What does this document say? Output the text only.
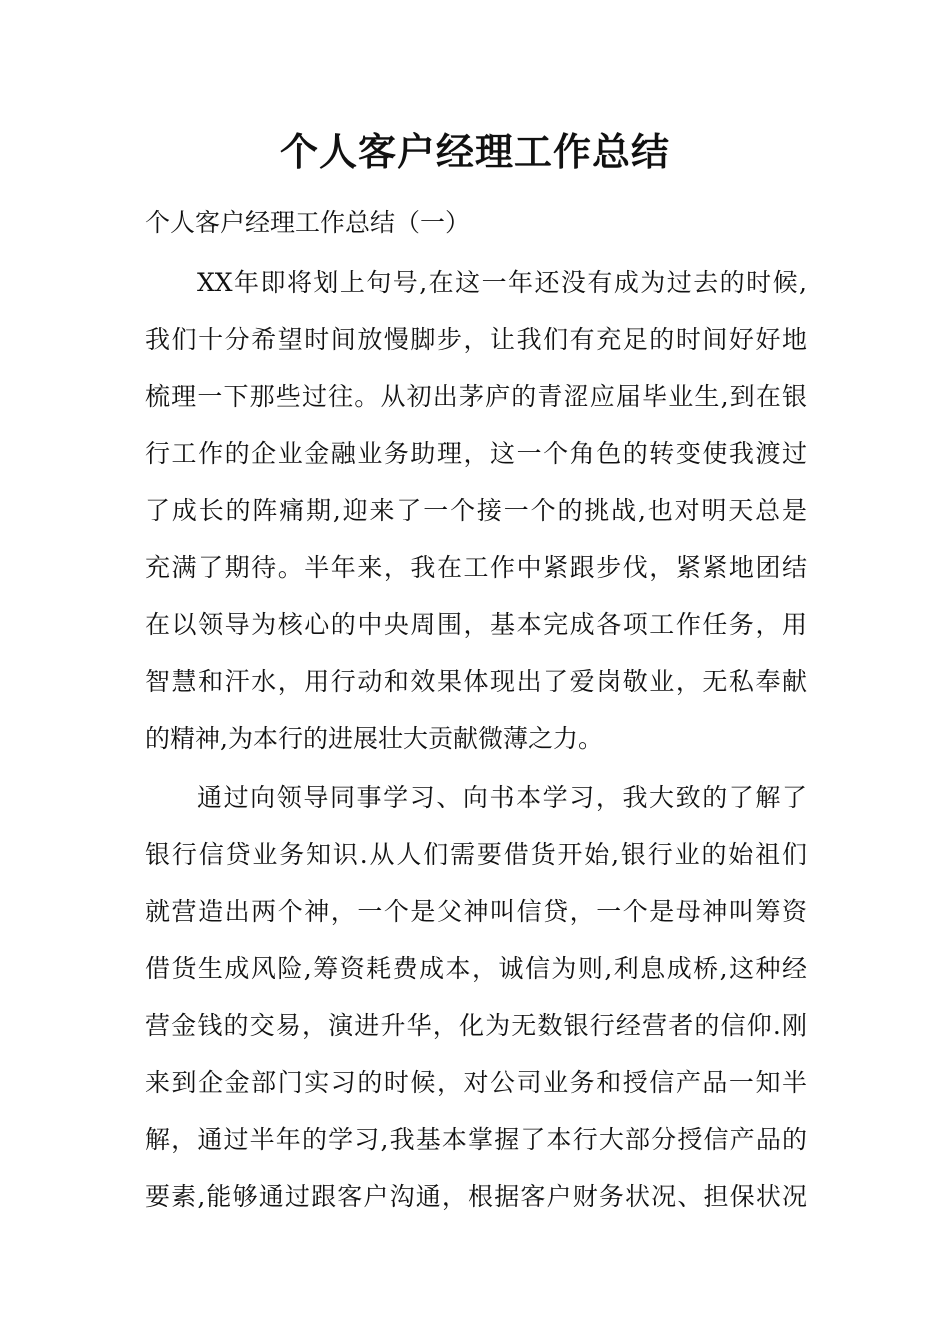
个人客户经理工作总结
个人客户经理工作总结（一）
XX年即将划上句号,在这一年还没有成为过去的时候,
我们十分希望时间放慢脚步，让我们有充足的时间好好地
梳理一下那些过往。从初出茅庐的青涩应届毕业生,到在银
行工作的企业金融业务助理，这一个角色的转变使我渡过
了成长的阵痛期,迎来了一个接一个的挑战,也对明天总是
充满了期待。半年来，我在工作中紧跟步伐，紧紧地团结
在以领导为核心的中央周围，基本完成各项工作任务，用
智慧和汗水，用行动和效果体现出了爱岗敬业，无私奉献
的精神,为本行的进展壮大贡献微薄之力。
通过向领导同事学习、向书本学习，我大致的了解了
银行信贷业务知识.从人们需要借货开始,银行业的始祖们
就营造出两个神，一个是父神叫信贷，一个是母神叫筹资
借货生成风险,筹资耗费成本，诚信为则,利息成桥,这种经
营金钱的交易，演进升华，化为无数银行经营者的信仰.刚
来到企金部门实习的时候，对公司业务和授信产品一知半
解，通过半年的学习,我基本掌握了本行大部分授信产品的
要素,能够通过跟客户沟通，根据客户财务状况、担保状况
